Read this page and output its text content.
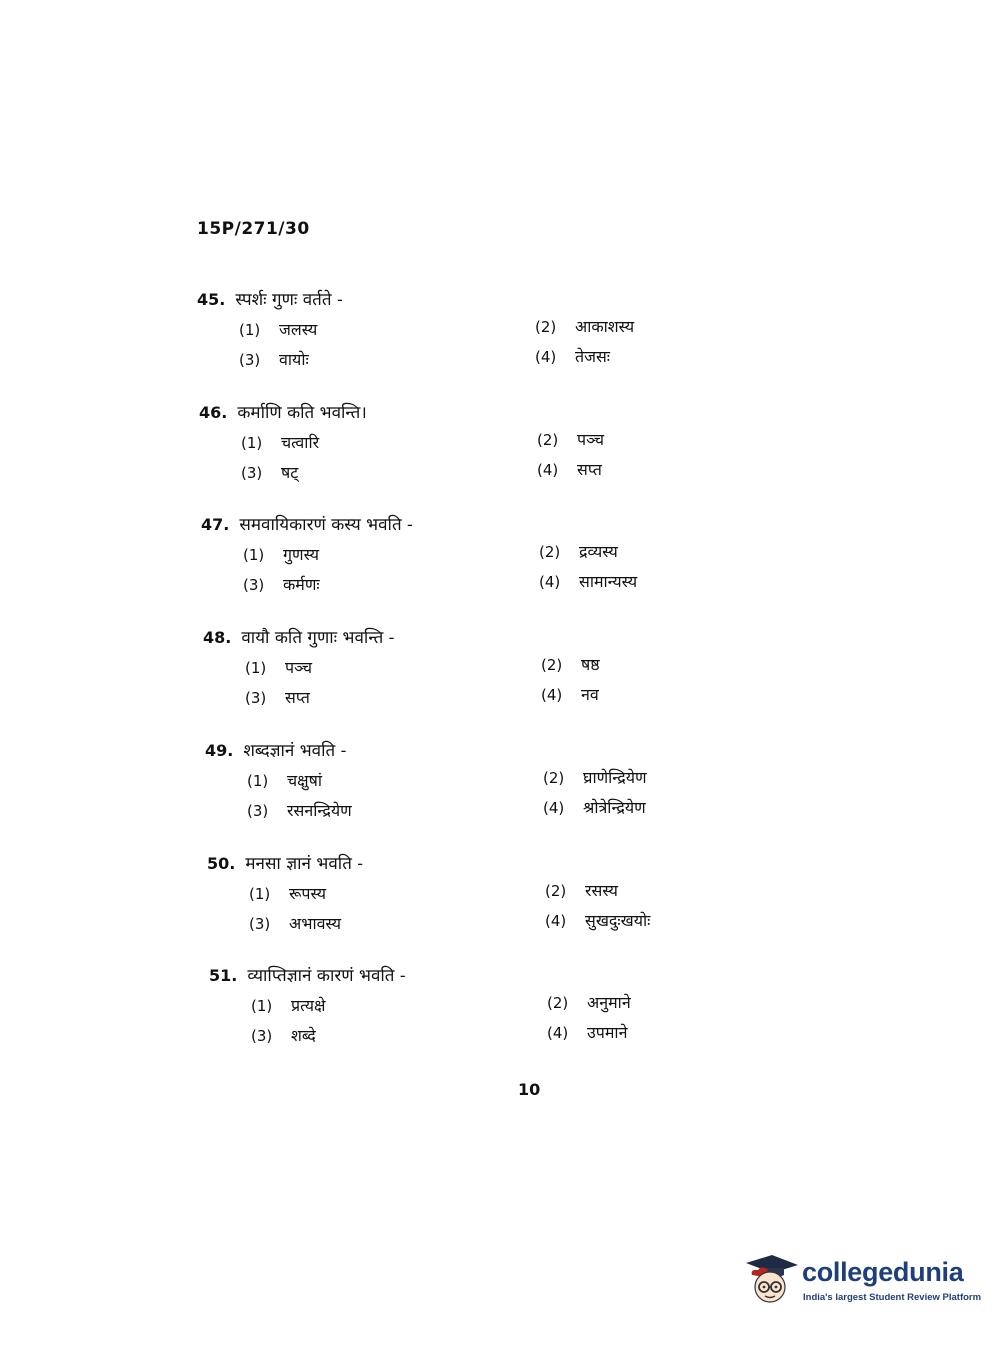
15P/271/30
45. स्पर्शः गुणः वर्तते -
(1) जलस्य	(2) आकाशस्य
(3) वायोः	(4) तेजसः
46. कर्माणि कति भवन्ति।
(1) चत्वारि	(2) पञ्च
(3) षट्	(4) सप्त
47. समवायिकारणं कस्य भवति -
(1) गुणस्य	(2) द्रव्यस्य
(3) कर्मणः	(4) सामान्यस्य
48. वायौ कति गुणाः भवन्ति -
(1) पञ्च	(2) षष्ठ
(3) सप्त	(4) नव
49. शब्दज्ञानं भवति -
(1) चक्षुषां	(2) घ्राणेन्द्रियेण
(3) रसनन्द्रियेण	(4) श्रोत्रेन्द्रियेण
50. मनसा ज्ञानं भवति -
(1) रूपस्य	(2) रसस्य
(3) अभावस्य	(4) सुखदुःखयोः
51. व्याप्तिज्ञानं कारणं भवति -
(1) प्रत्यक्षे	(2) अनुमाने
(3) शब्दे	(4) उपमाने
10
collegedunia
India's largest Student Review Platform
